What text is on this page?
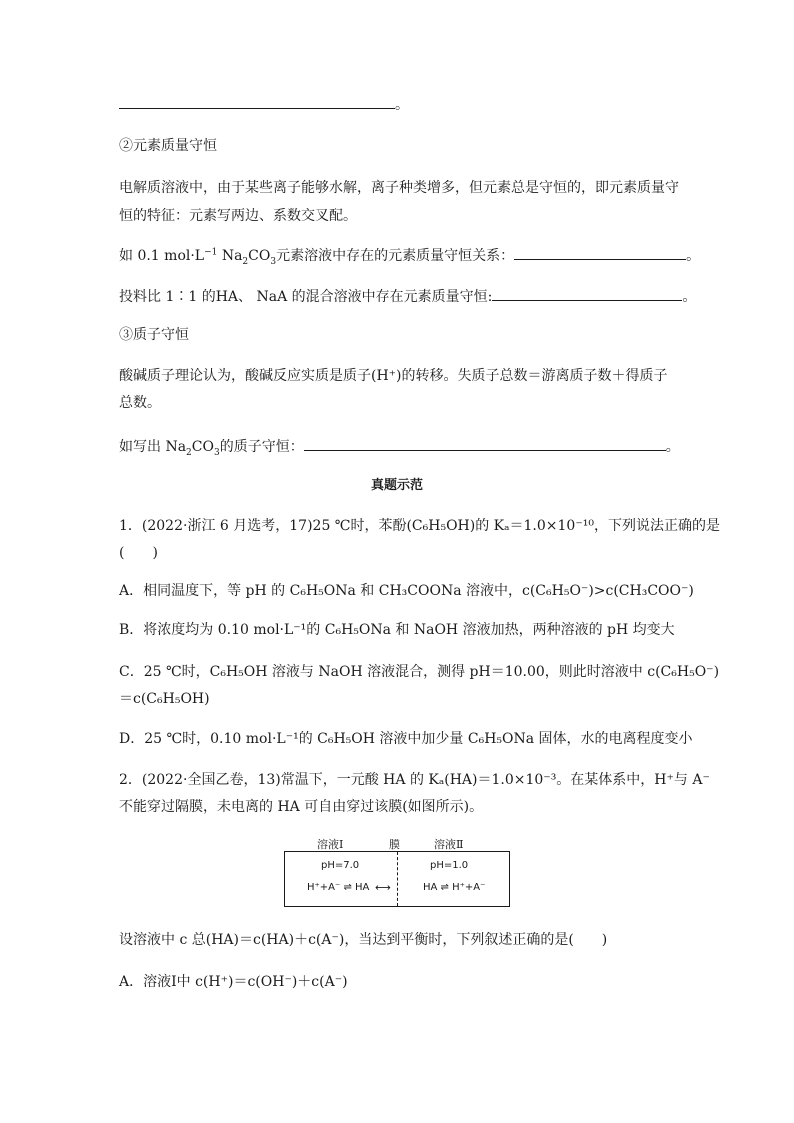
。
②元素质量守恒
电解质溶液中，由于某些离子能够水解，离子种类增多，但元素总是守恒的，即元素质量守
恒的特征：元素写两边、系数交叉配。
如 0.1 $mol\cdot L^{-1}$ $Na_2CO_3$元素溶液中存在的元素质量守恒关系：	。
投料比 1∶1 的HA、 NaA 的混合溶液中存在元素质量守恒:	。
③质子守恒
酸碱质子理论认为，酸碱反应实质是质子(H⁺)的转移。失质子总数＝游离质子数＋得质子
总数。
如写出 $Na_2CO_3$的质子守恒：	。
真题示范
1．(2022·浙江 6 月选考，17)25 ℃时，苯酚(C₆H₅OH)的 Kₐ＝1.0×10⁻¹⁰，下列说法正确的是
(　　)
A．相同温度下，等 pH 的 C₆H₅ONa 和 CH₃COONa 溶液中，c(C₆H₅O⁻)>c(CH₃COO⁻)
B．将浓度均为 0.10 mol·L⁻¹的 C₆H₅ONa 和 NaOH 溶液加热，两种溶液的 pH 均变大
C．25 ℃时，C₆H₅OH 溶液与 NaOH 溶液混合，测得 pH＝10.00，则此时溶液中 c(C₆H₅O⁻)
＝c(C₆H₅OH)
D．25 ℃时，0.10 mol·L⁻¹的 C₆H₅OH 溶液中加少量 C₆H₅ONa 固体，水的电离程度变小
2．(2022·全国乙卷，13)常温下，一元酸 HA 的 Kₐ(HA)＝1.0×10⁻³。在某体系中，H⁺与 A⁻
不能穿过隔膜，未电离的 HA 可自由穿过该膜(如图所示)。
溶液Ⅰ	膜	溶液Ⅱ
pH=7.0	pH=1.0
H⁺+A⁻ ⇌ HA ⟷	HA ⇌ H⁺+A⁻
设溶液中 c 总(HA)＝c(HA)＋c(A⁻)，当达到平衡时，下列叙述正确的是(　　)
A．溶液Ⅰ中 c(H⁺)＝c(OH⁻)＋c(A⁻)
